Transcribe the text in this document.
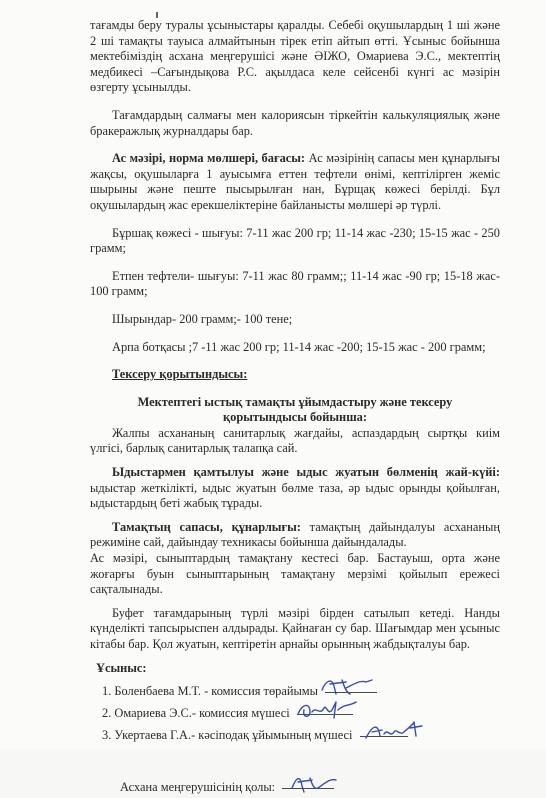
тағамды беру туралы ұсыныстары қаралды. Себебі оқушылардың 1 ші және 2 ші тамақты тауыса алмайтынын тірек етіп айтып өтті. Ұсыныс бойынша мектебіміздің асхана меңгерушісі және ӘІЖО, Омариева Э.С., мектептің медбикесі –Сағындықова Р.С. ақылдаса келе сейсенбі күнгі ас мәзірін өзгерту ұсынылды.

Тағамдардың салмағы мен калориясын тіркейтін калькуляциялық және бракеражлық журналдары бар.

Ас мәзірі, норма мөлшері, бағасы: Ас мәзірінің сапасы мен құнарлығы жақсы, оқушыларға 1 ауысымға еттен тефтели өнімі, кептілірген жеміс шырыны және пеште пысырылған нан, Бұрщақ көжесі берілді. Бұл оқушылардың жас ерекшеліктеріне байланысты мөлшері әр түрлі.

Бұршақ көжесі - шығуы: 7-11 жас 200 гр; 11-14 жас -230; 15-15 жас - 250 грамм;

Етпен тефтели- шығуы: 7-11 жас 80 грамм;; 11-14 жас -90 гр; 15-18 жас- 100 грамм;

Шырындар- 200 грамм;- 100 тене;

Арпа ботқасы ;7 -11 жас 200 гр; 11-14 жас -200; 15-15 жас - 200 грамм;

Тексеру қорытындысы:

Мектептегі ыстық тамақты ұйымдастыру және тексеру қорытындысы бойынша:

Жалпы асхананың санитарлық жағдайы, аспаздардың сыртқы киім үлгісі, барлық санитарлық талапқа сай.

Ыдыстармен қамтылуы және ыдыс жуатын бөлменің жай-күйі: ыдыстар жеткілікті, ыдыс жуатын бөлме таза, әр ыдыс орынды қойылған, ыдыстардың беті жабық тұрады.

Тамақтың сапасы, құнарлығы: тамақтың дайындалуы асхананың режиміне сай, дайындау техникасы бойынша дайындалады.

Ас мәзірі, сыныптардың тамақтану кестесі бар. Бастауыш, орта және жоғарғы буын сыныптарының тамақтану мерзімі қойылып ережесі сақталынады.

Буфет тағамдарының түрлі мәзірі бірден сатылып кетеді. Нанды күнделікті тапсырыспен алдырады. Қайнаған су бар. Шағымдар мен ұсыныс кітабы бар. Қол жуатын, кептіретін арнайы орынның жабдықталуы бар.

Ұсыныс:

1. Боленбаева М.Т. - комиссия төрайымы
2. Омариева Э.С.- комиссия мүшесі
3. Укертаева Г.А.- кәсіподақ ұйымының мүшесі
Асхана меңгерушісінің қолы:
